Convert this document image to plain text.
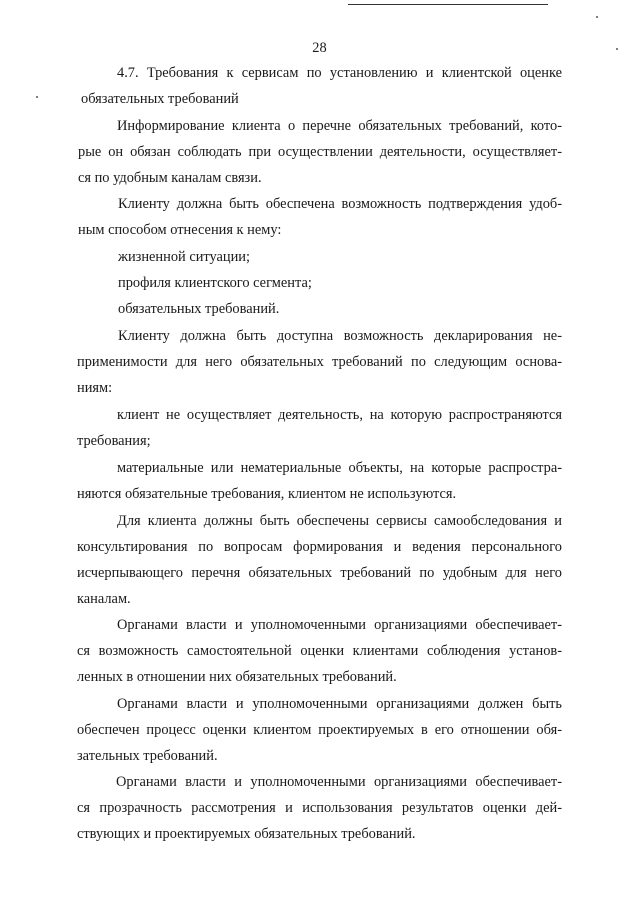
28
4.7. Требования к сервисам по установлению и клиентской оценке
обязательных требований
Информирование клиента о перечне обязательных требований, кото-
рые он обязан соблюдать при осуществлении деятельности, осуществляет-
ся по удобным каналам связи.
Клиенту должна быть обеспечена возможность подтверждения удоб-
ным способом отнесения к нему:
жизненной ситуации;
профиля клиентского сегмента;
обязательных требований.
Клиенту должна быть доступна возможность декларирования не-
применимости для него обязательных требований по следующим основа-
ниям:
клиент не осуществляет деятельность, на которую распространяются
требования;
материальные или нематериальные объекты, на которые распростра-
няются обязательные требования, клиентом не используются.
Для клиента должны быть обеспечены сервисы самообследования и
консультирования по вопросам формирования и ведения персонального
исчерпывающего перечня обязательных требований по удобным для него
каналам.
Органами власти и уполномоченными организациями обеспечивает-
ся возможность самостоятельной оценки клиентами соблюдения установ-
ленных в отношении них обязательных требований.
Органами власти и уполномоченными организациями должен быть
обеспечен процесс оценки клиентом проектируемых в его отношении обя-
зательных требований.
Органами власти и уполномоченными организациями обеспечивает-
ся прозрачность рассмотрения и использования результатов оценки дей-
ствующих и проектируемых обязательных требований.
